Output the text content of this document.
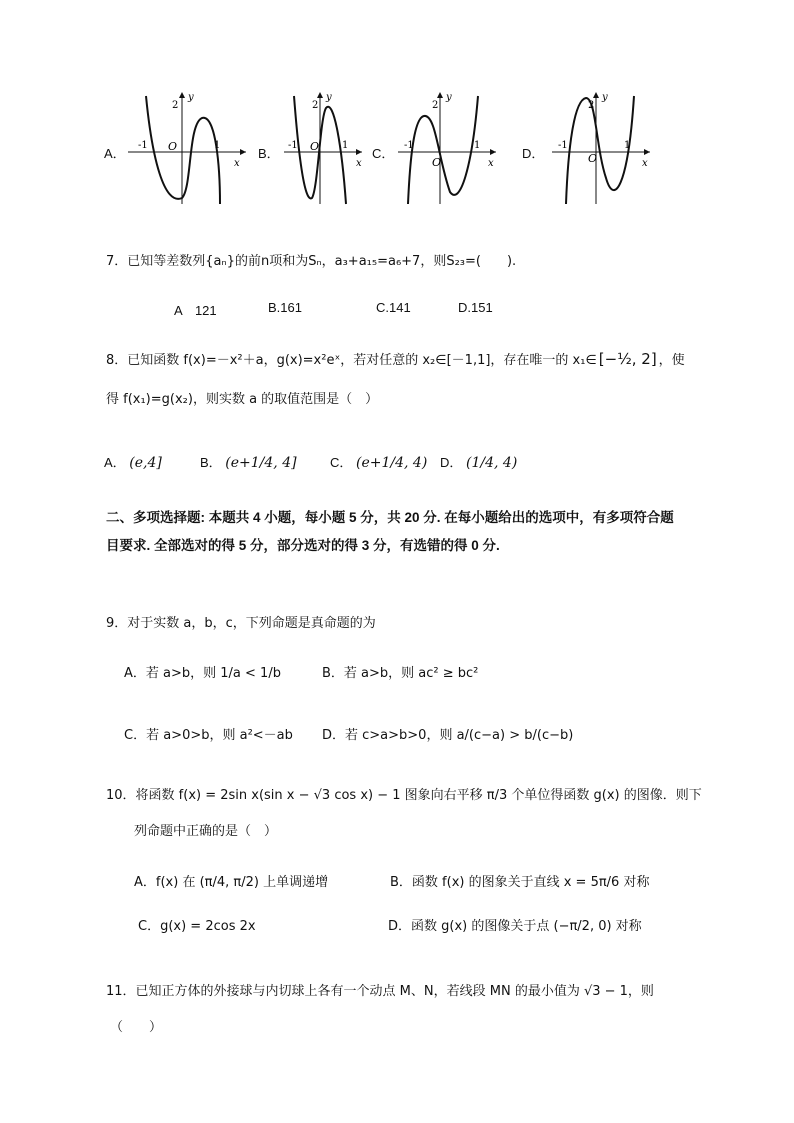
A．
y
2
-1 O	1
x
B．
y
2
-1 O 1
x
C．
y
2
-1
O
1
x
D．
y
2
-1
O
1
x
7．已知等差数列{aₙ}的前n项和为Sₙ，a₃+a₁₅=a₆+7，则S₂₃=(　　).
A　121	B.161	C.141	D.151
8．已知函数 f(x)=－x²＋a，g(x)=x²eˣ，若对任意的 x₂∈[－1,1]，存在唯一的 x₁∈ [−½, 2] ，使
得 f(x₁)=g(x₂)，则实数 a 的取值范围是（　）
A． (e,4]	B． (e+1/4, 4]	C． (e+1/4, 4) D． (1/4, 4)
二、多项选择题: 本题共 4 小题，每小题 5 分，共 20 分. 在每小题给出的选项中，有多项符合题
目要求. 全部选对的得 5 分，部分选对的得 3 分，有选错的得 0 分.
9．对于实数 a，b，c，下列命题是真命题的为
A．若 a>b，则 1/a < 1/b	B．若 a>b，则 ac² ≥ bc²
C．若 a>0>b，则 a²<－ab D．若 c>a>b>0，则 a/(c−a) > b/(c−b)
10．将函数 f(x) = 2sin x(sin x − √3 cos x) − 1 图象向右平移 π/3 个单位得函数 g(x) 的图像．则下
列命题中正确的是（　）
A．f(x) 在 (π/4, π/2) 上单调递增	B．函数 f(x) 的图象关于直线 x = 5π/6 对称
C．g(x) = 2cos 2x	D．函数 g(x) 的图像关于点 (−π/2, 0) 对称
11．已知正方体的外接球与内切球上各有一个动点 M、N，若线段 MN 的最小值为 √3 − 1，则
（　　）
